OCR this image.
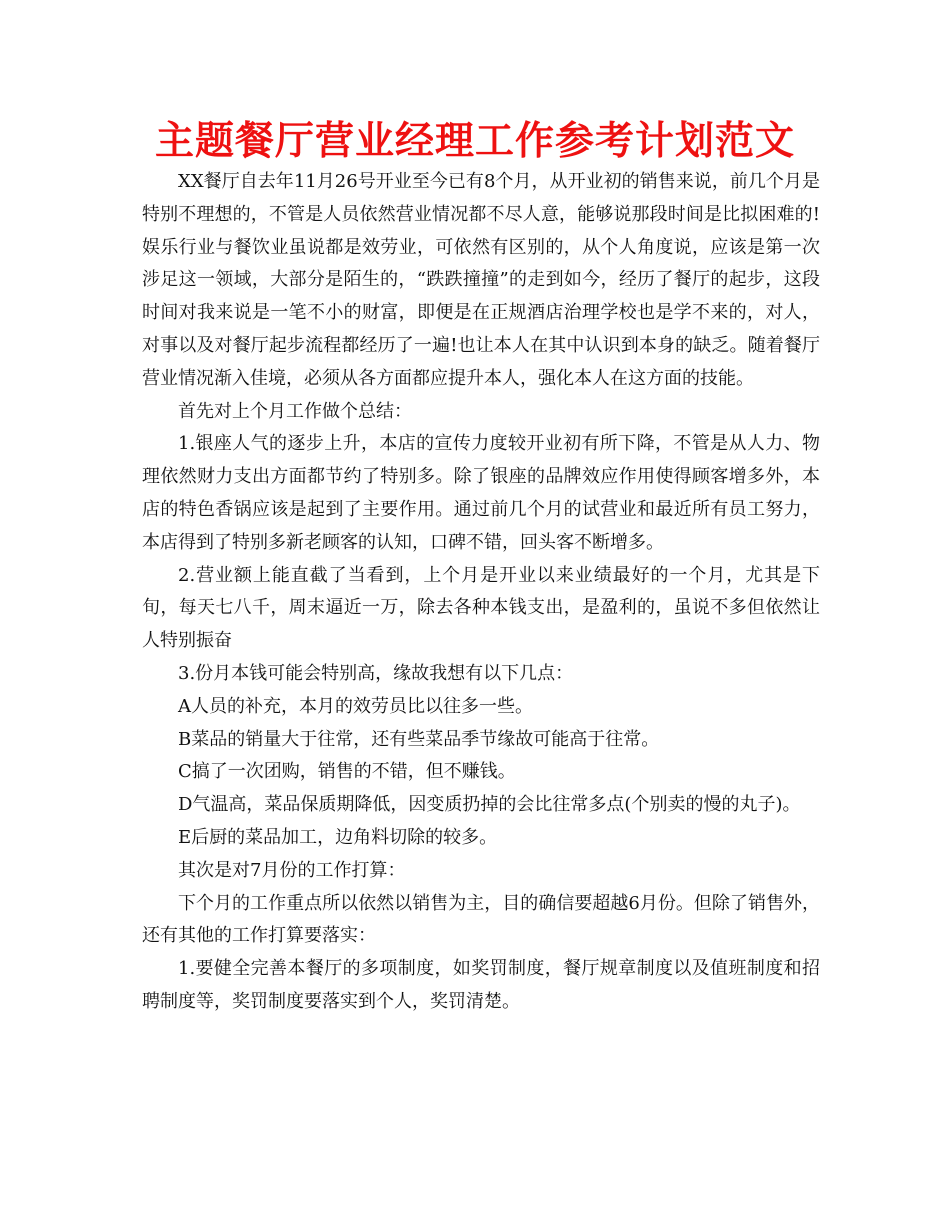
主题餐厅营业经理工作参考计划范文

XX餐厅自去年11月26号开业至今已有8个月，从开业初的销售来说，前几个月是特别不理想的，不管是人员依然营业情况都不尽人意，能够说那段时间是比拟困难的!娱乐行业与餐饮业虽说都是效劳业，可依然有区别的，从个人角度说，应该是第一次涉足这一领域，大部分是陌生的，“跌跌撞撞”的走到如今，经历了餐厅的起步，这段时间对我来说是一笔不小的财富，即便是在正规酒店治理学校也是学不来的，对人，对事以及对餐厅起步流程都经历了一遍!也让本人在其中认识到本身的缺乏。随着餐厅营业情况渐入佳境，必须从各方面都应提升本人，强化本人在这方面的技能。

首先对上个月工作做个总结：

1.银座人气的逐步上升，本店的宣传力度较开业初有所下降，不管是从人力、物理依然财力支出方面都节约了特别多。除了银座的品牌效应作用使得顾客增多外，本店的特色香锅应该是起到了主要作用。通过前几个月的试营业和最近所有员工努力，本店得到了特别多新老顾客的认知，口碑不错，回头客不断增多。

2.营业额上能直截了当看到，上个月是开业以来业绩最好的一个月，尤其是下旬，每天七八千，周末逼近一万，除去各种本钱支出，是盈利的，虽说不多但依然让人特别振奋

3.份月本钱可能会特别高，缘故我想有以下几点：

A人员的补充，本月的效劳员比以往多一些。

B菜品的销量大于往常，还有些菜品季节缘故可能高于往常。

C搞了一次团购，销售的不错，但不赚钱。

D气温高，菜品保质期降低，因变质扔掉的会比往常多点(个别卖的慢的丸子)。

E后厨的菜品加工，边角料切除的较多。

其次是对7月份的工作打算：

下个月的工作重点所以依然以销售为主，目的确信要超越6月份。但除了销售外，还有其他的工作打算要落实：

1.要健全完善本餐厅的多项制度，如奖罚制度，餐厅规章制度以及值班制度和招聘制度等，奖罚制度要落实到个人，奖罚清楚。
